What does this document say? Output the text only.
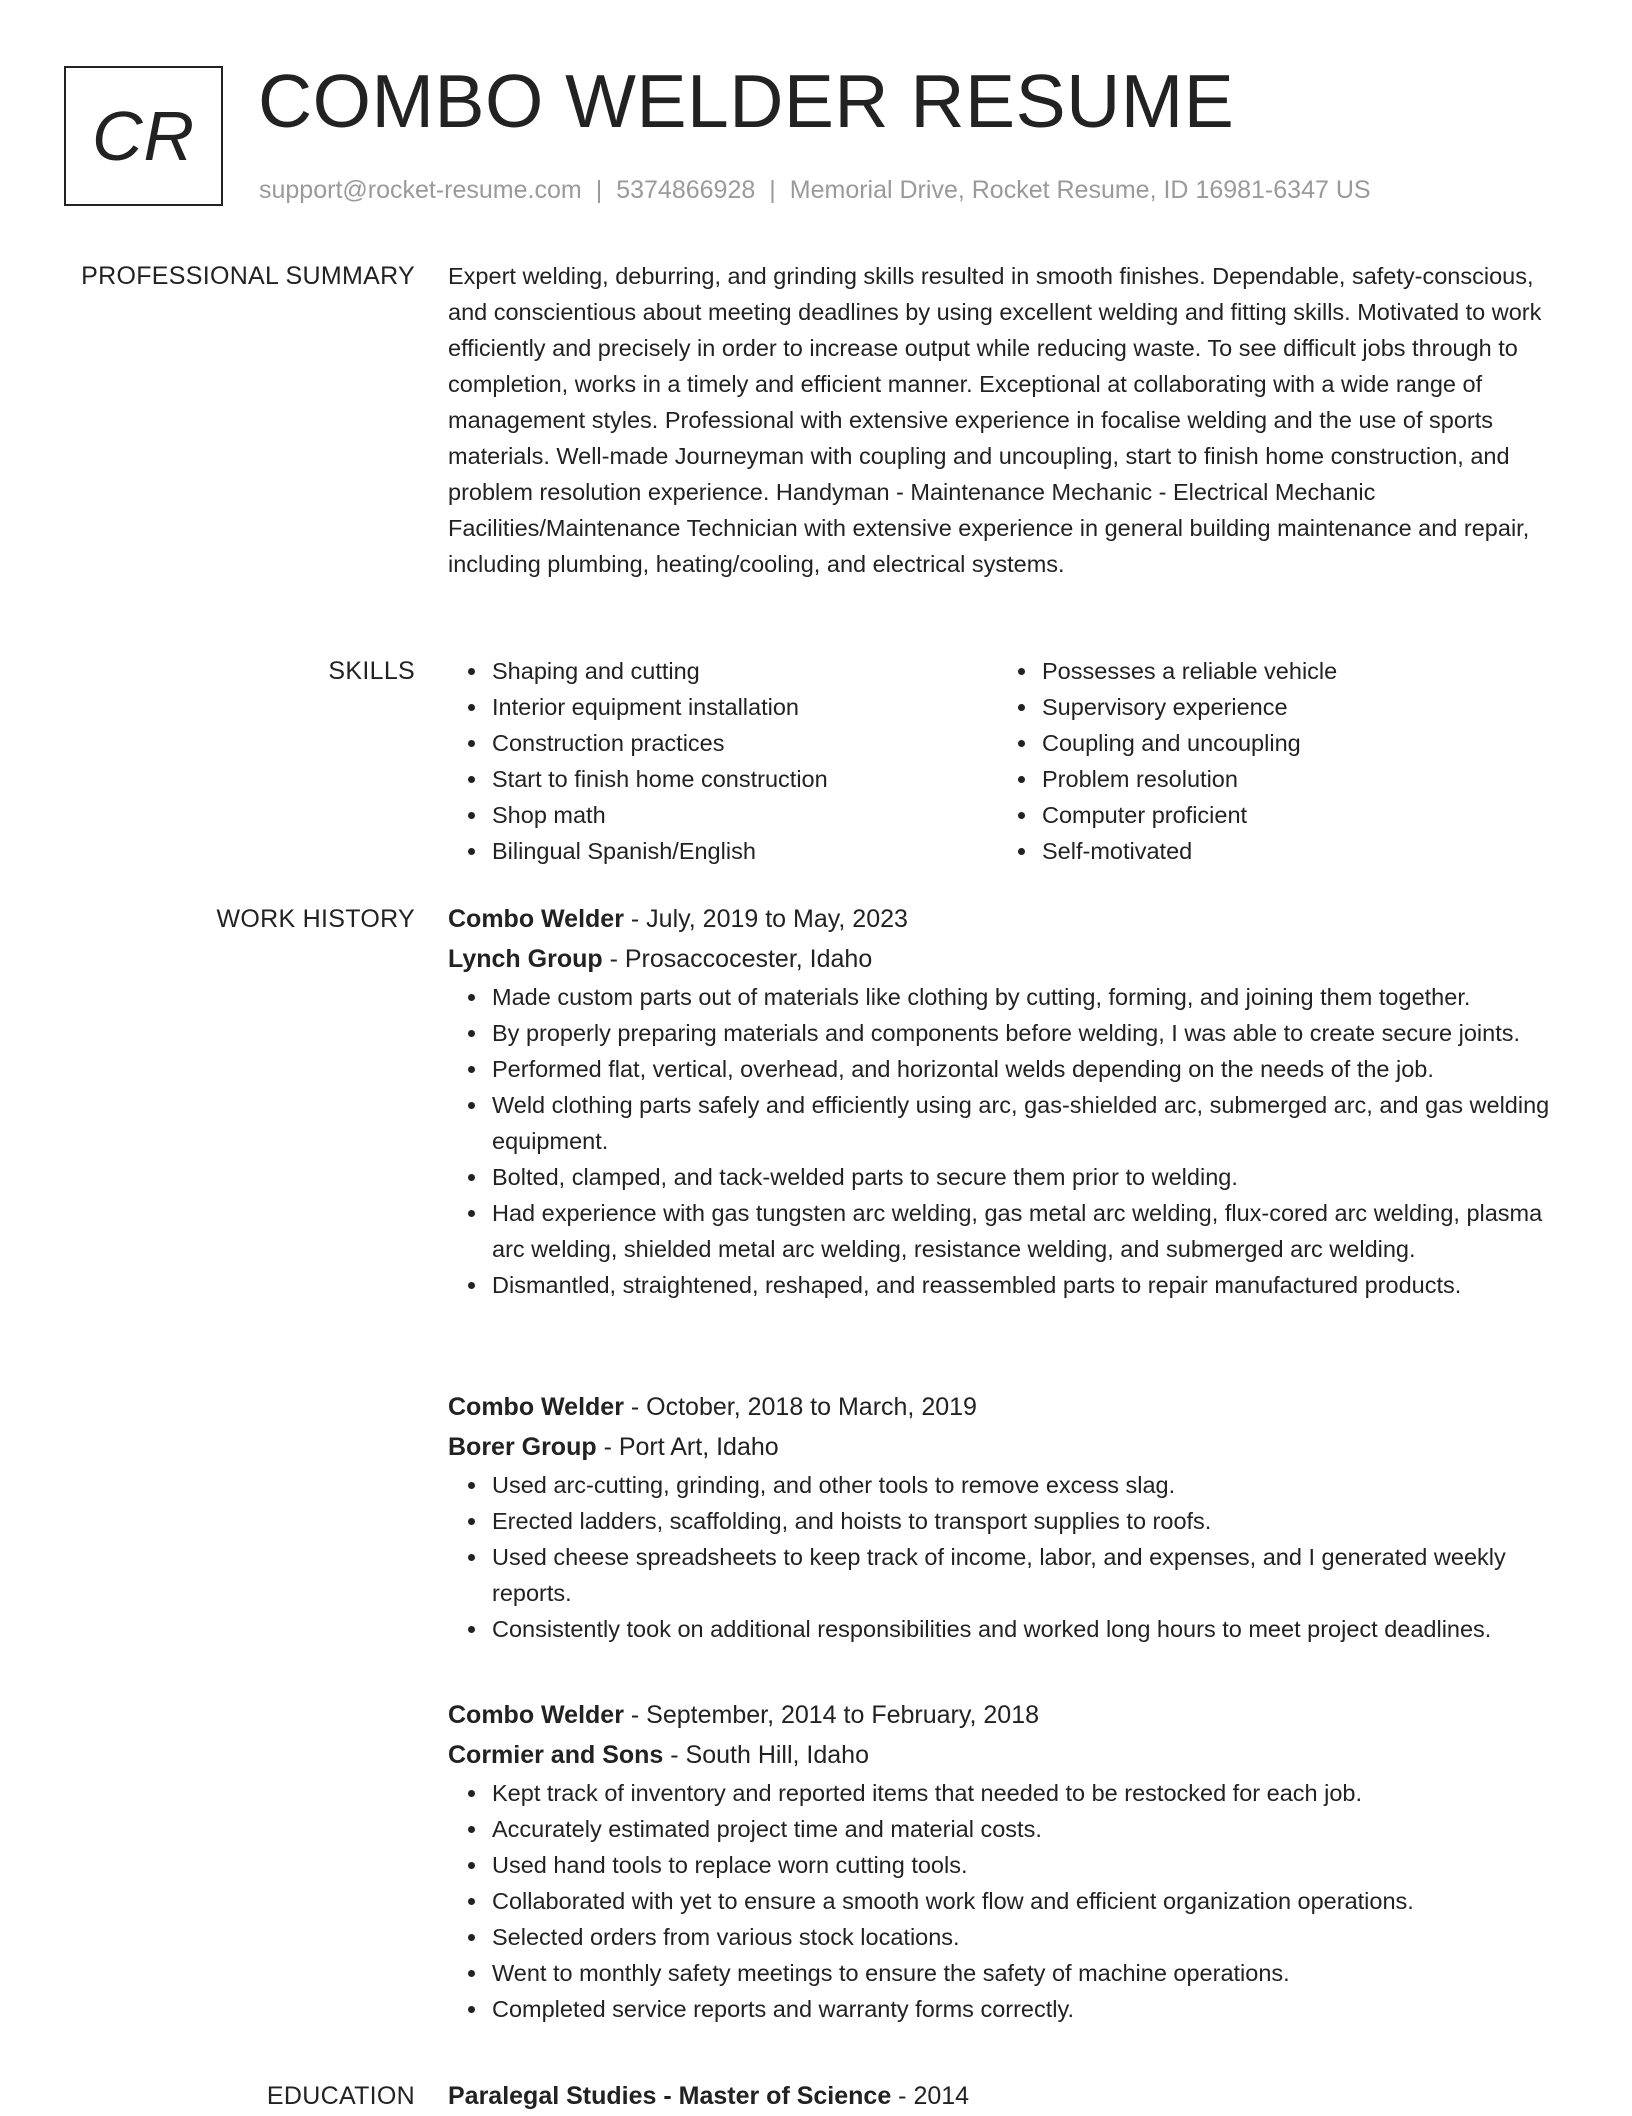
CR COMBO WELDER RESUME
support@rocket-resume.com | 5374866928 | Memorial Drive, Rocket Resume, ID 16981-6347 US
PROFESSIONAL SUMMARY Expert welding, deburring, and grinding skills resulted in smooth finishes. Dependable, safety-conscious, and conscientious about meeting deadlines by using excellent welding and fitting skills. Motivated to work efficiently and precisely in order to increase output while reducing waste. To see difficult jobs through to completion, works in a timely and efficient manner. Exceptional at collaborating with a wide range of management styles. Professional with extensive experience in focalise welding and the use of sports materials. Well-made Journeyman with coupling and uncoupling, start to finish home construction, and problem resolution experience. Handyman - Maintenance Mechanic - Electrical Mechanic Facilities/Maintenance Technician with extensive experience in general building maintenance and repair, including plumbing, heating/cooling, and electrical systems.

SKILLS	Shaping and cutting
Interior equipment installation
Construction practices
Start to finish home construction
Shop math
Bilingual Spanish/English
Possesses a reliable vehicle
Supervisory experience
Coupling and uncoupling
Problem resolution
Computer proficient
Self-motivated
WORK HISTORY Combo Welder - July, 2019 to May, 2023
Lynch Group - Prosaccocester, Idaho
Made custom parts out of materials like clothing by cutting, forming, and joining them together.
By properly preparing materials and components before welding, I was able to create secure joints.
Performed flat, vertical, overhead, and horizontal welds depending on the needs of the job.
Weld clothing parts safely and efficiently using arc, gas-shielded arc, submerged arc, and gas welding equipment.
Bolted, clamped, and tack-welded parts to secure them prior to welding.
Had experience with gas tungsten arc welding, gas metal arc welding, flux-cored arc welding, plasma arc welding, shielded metal arc welding, resistance welding, and submerged arc welding.
Dismantled, straightened, reshaped, and reassembled parts to repair manufactured products.
Combo Welder - October, 2018 to March, 2019
Borer Group - Port Art, Idaho
Used arc-cutting, grinding, and other tools to remove excess slag.
Erected ladders, scaffolding, and hoists to transport supplies to roofs.
Used cheese spreadsheets to keep track of income, labor, and expenses, and I generated weekly reports.
Consistently took on additional responsibilities and worked long hours to meet project deadlines.
Combo Welder - September, 2014 to February, 2018
Cormier and Sons - South Hill, Idaho
Kept track of inventory and reported items that needed to be restocked for each job.
Accurately estimated project time and material costs.
Used hand tools to replace worn cutting tools.
Collaborated with yet to ensure a smooth work flow and efficient organization operations.
Selected orders from various stock locations.
Went to monthly safety meetings to ensure the safety of machine operations.
Completed service reports and warranty forms correctly.
EDUCATION Paralegal Studies - Master of Science - 2014
